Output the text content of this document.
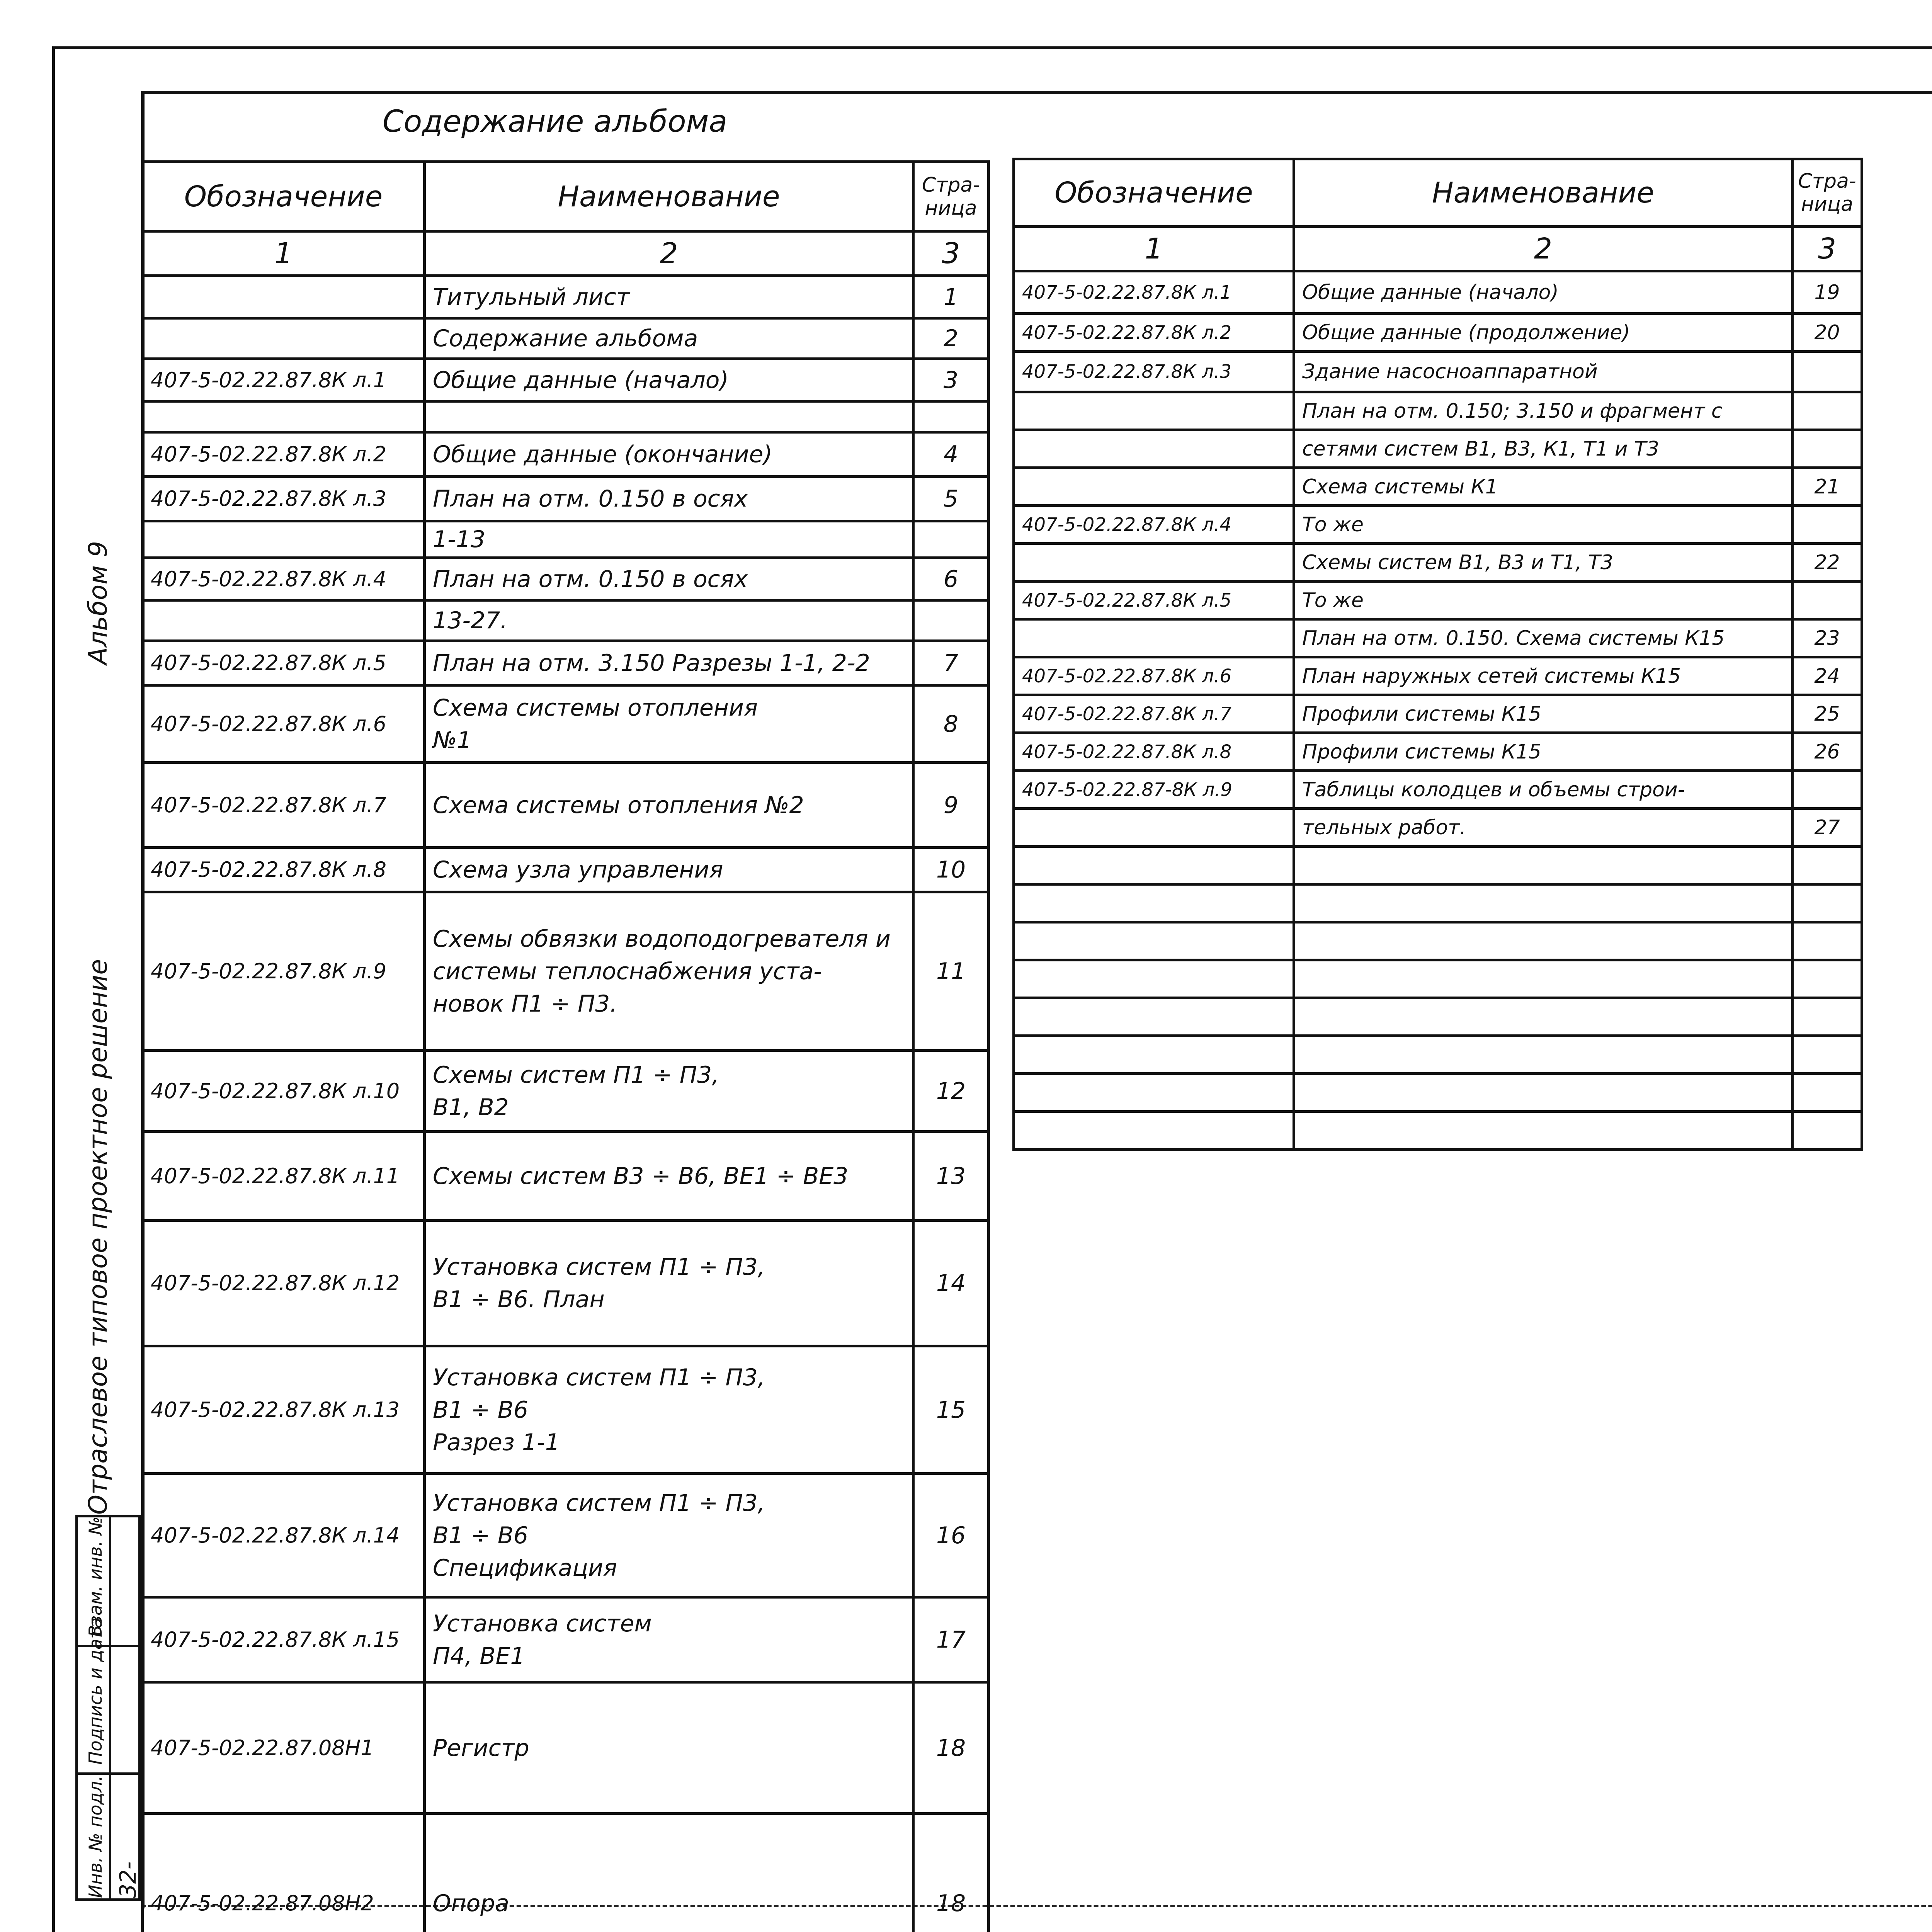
Содержание альбома
Обозначение	Наименование	Стра-
ница
1	2	3
	Титульный лист	1
	Содержание альбома	2
407-5-02.22.87.8К л.1	Общие данные (начало)	3

407-5-02.22.87.8К л.2	Общие данные (окончание)	4
407-5-02.22.87.8К л.3	План на отм. 0.150 в осях	5
	1-13	
407-5-02.22.87.8К л.4	План на отм. 0.150 в осях	6
	13-27.	
407-5-02.22.87.8К л.5	План на отм. 3.150 Разрезы 1-1, 2-2	7
407-5-02.22.87.8К л.6	Схема системы отопления
№1	8
407-5-02.22.87.8К л.7	Схема системы отопления №2	9
407-5-02.22.87.8К л.8	Схема узла управления	10
407-5-02.22.87.8К л.9	Схемы обвязки водоподогревателя и
системы теплоснабжения уста-
новок П1 ÷ П3.	11
407-5-02.22.87.8К л.10	Схемы систем П1 ÷ П3,
В1, В2	12
407-5-02.22.87.8К л.11	Схемы систем В3 ÷ В6, ВЕ1 ÷ ВЕ3	13
407-5-02.22.87.8К л.12	Установка систем П1 ÷ П3,
В1 ÷ В6. План	14
407-5-02.22.87.8К л.13	Установка систем П1 ÷ П3,
В1 ÷ В6
Разрез 1-1	15
407-5-02.22.87.8К л.14	Установка систем П1 ÷ П3,
В1 ÷ В6
Спецификация	16
407-5-02.22.87.8К л.15	Установка систем
П4, ВЕ1	17
407-5-02.22.87.08Н1	Регистр	18
407-5-02.22.87.08Н2	Опора	18
Обозначение	Наименование	Стра-
ница
1	2	3
407-5-02.22.87.8К л.1	Общие данные (начало)	19
407-5-02.22.87.8К л.2	Общие данные (продолжение)	20
407-5-02.22.87.8К л.3	Здание насосноаппаратной	
	План на отм. 0.150; 3.150 и фрагмент с	
	сетями систем В1, В3, К1, Т1 и Т3	
	Схема системы К1	21
407-5-02.22.87.8К л.4	То же	
	Схемы систем В1, В3 и Т1, Т3	22
407-5-02.22.87.8К л.5	То же	
	План на отм. 0.150. Схема системы К15	23
407-5-02.22.87.8К л.6	План наружных сетей системы К15	24
407-5-02.22.87.8К л.7	Профили системы К15	25
407-5-02.22.87.8К л.8	Профили системы К15	26
407-5-02.22.87-8К л.9	Таблицы колодцев и объемы строи-	
	тельных работ.	27

Альбом 9
Отраслевое типовое проектное решение
Взам. инв. №
Подпись и дата
Инв. № подл. 32-
